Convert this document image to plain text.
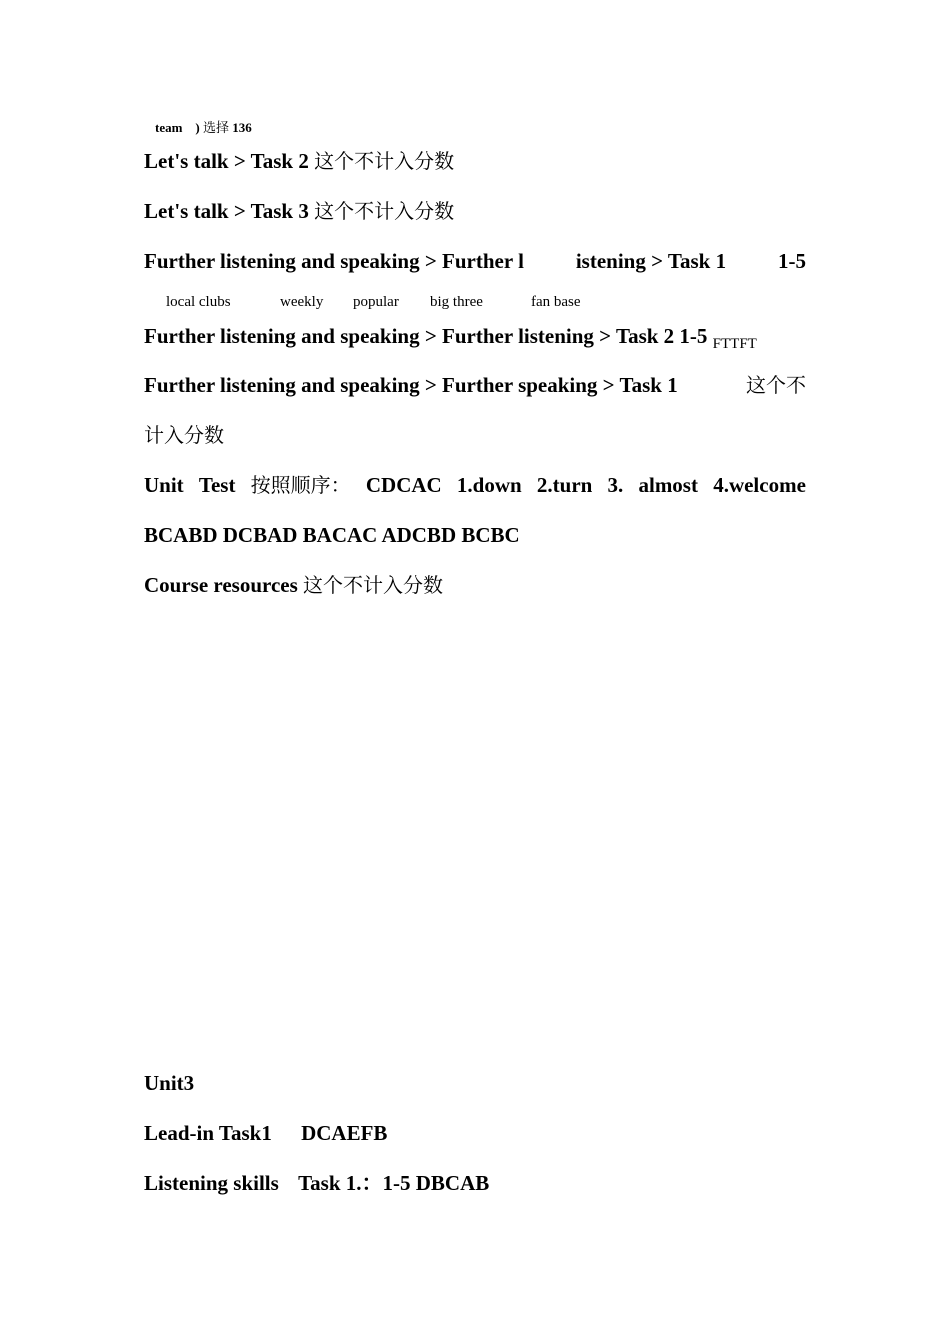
team　) 选择 136
Let's talk > Task 2 这个不计入分数
Let's talk > Task 3 这个不计入分数
Further listening and speaking > Further l istening > Task 1 1-5
local clubs	weekly popular big three	fan base
Further listening and speaking > Further listening > Task 2 1-5 $_{FTTFT}$
Further listening and speaking > Further speaking > Task 1	这个不
计入分数
Unit Test 按照顺序： CDCAC 1.down 2.turn 3. almost 4.welcome
BCABD DCBAD BACAC ADCBD BCBC
Course resources 这个不计入分数
Unit3
Lead-in Task1 DCAEFB
Listening skills Task 1.：1-5 DBCAB
